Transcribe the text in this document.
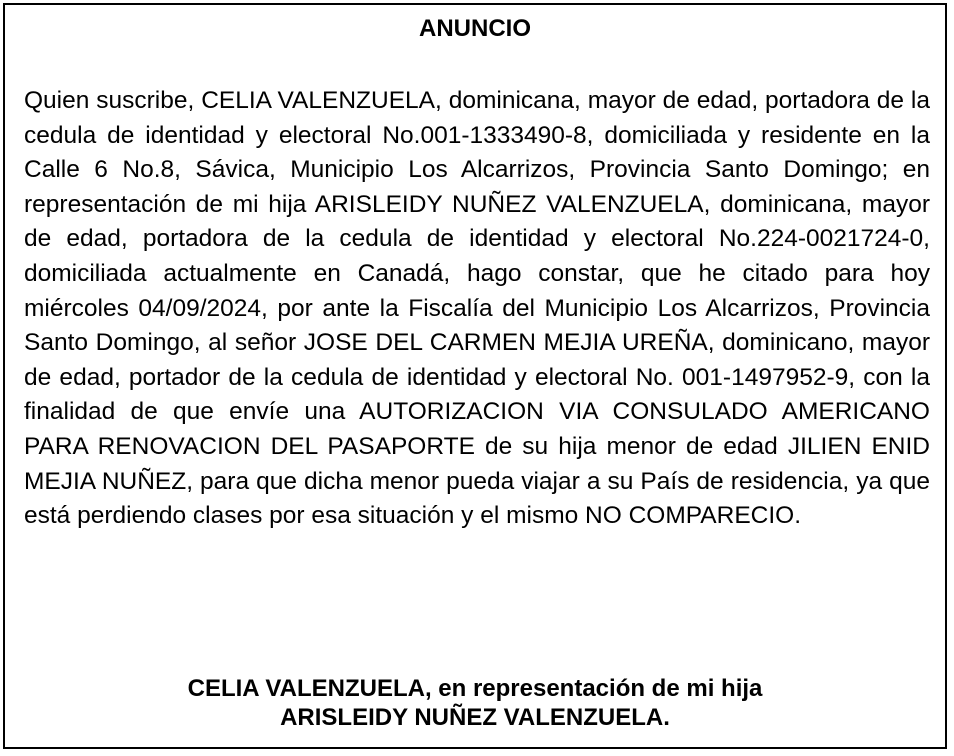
ANUNCIO

Quien suscribe, CELIA VALENZUELA, dominicana, mayor de edad, portadora de la cedula de identidad y electoral No.001-1333490-8, domiciliada y residente en la Calle 6 No.8, Sávica, Municipio Los Alcarrizos, Provincia Santo Domingo; en representación de mi hija ARISLEIDY NUÑEZ VALENZUELA, dominicana, mayor de edad, portadora de la cedula de identidad y electoral No.224-0021724-0, domiciliada actualmente en Canadá, hago constar, que he citado para hoy miércoles 04/09/2024, por ante la Fiscalía del Municipio Los Alcarrizos, Provincia Santo Domingo, al señor JOSE DEL CARMEN MEJIA UREÑA, dominicano, mayor de edad, portador de la cedula de identidad y electoral No. 001-1497952-9, con la finalidad de que envíe una AUTORIZACION VIA CONSULADO AMERICANO PARA RENOVACION DEL PASAPORTE de su hija menor de edad JILIEN ENID MEJIA NUÑEZ, para que dicha menor pueda viajar a su País de residencia, ya que está perdiendo clases por esa situación y el mismo NO COMPARECIO.

CELIA VALENZUELA, en representación de mi hija
ARISLEIDY NUÑEZ VALENZUELA.
